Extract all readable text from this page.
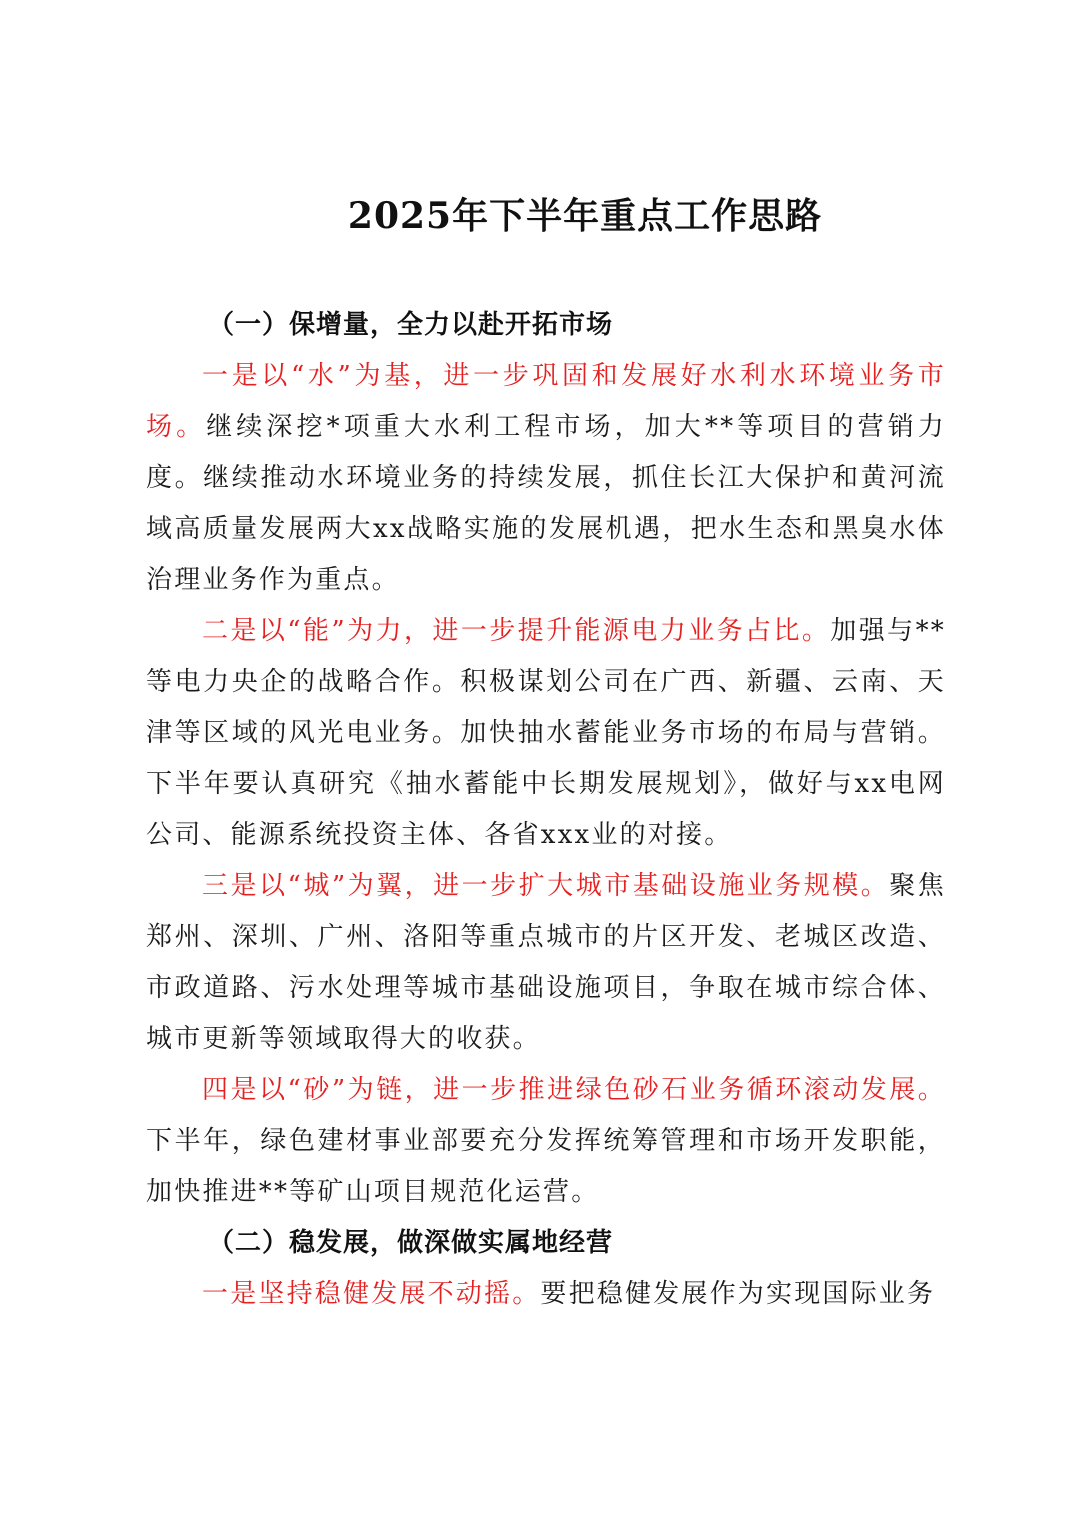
2025年下半年重点工作思路

（一）保增量，全力以赴开拓市场

一是以“水”为基，进一步巩固和发展好水利水环境业务市场。继续深挖*项重大水利工程市场，加大**等项目的营销力度。继续推动水环境业务的持续发展，抓住长江大保护和黄河流域高质量发展两大xx战略实施的发展机遇，把水生态和黑臭水体治理业务作为重点。

二是以“能”为力，进一步提升能源电力业务占比。加强与**等电力央企的战略合作。积极谋划公司在广西、新疆、云南、天津等区域的风光电业务。加快抽水蓄能业务市场的布局与营销。下半年要认真研究《抽水蓄能中长期发展规划》，做好与xx电网公司、能源系统投资主体、各省xxx业的对接。

三是以“城”为翼，进一步扩大城市基础设施业务规模。聚焦郑州、深圳、广州、洛阳等重点城市的片区开发、老城区改造、市政道路、污水处理等城市基础设施项目，争取在城市综合体、城市更新等领域取得大的收获。

四是以“砂”为链，进一步推进绿色砂石业务循环滚动发展。下半年，绿色建材事业部要充分发挥统筹管理和市场开发职能，加快推进**等矿山项目规范化运营。

（二）稳发展，做深做实属地经营

一是坚持稳健发展不动摇。要把稳健发展作为实现国际业务
